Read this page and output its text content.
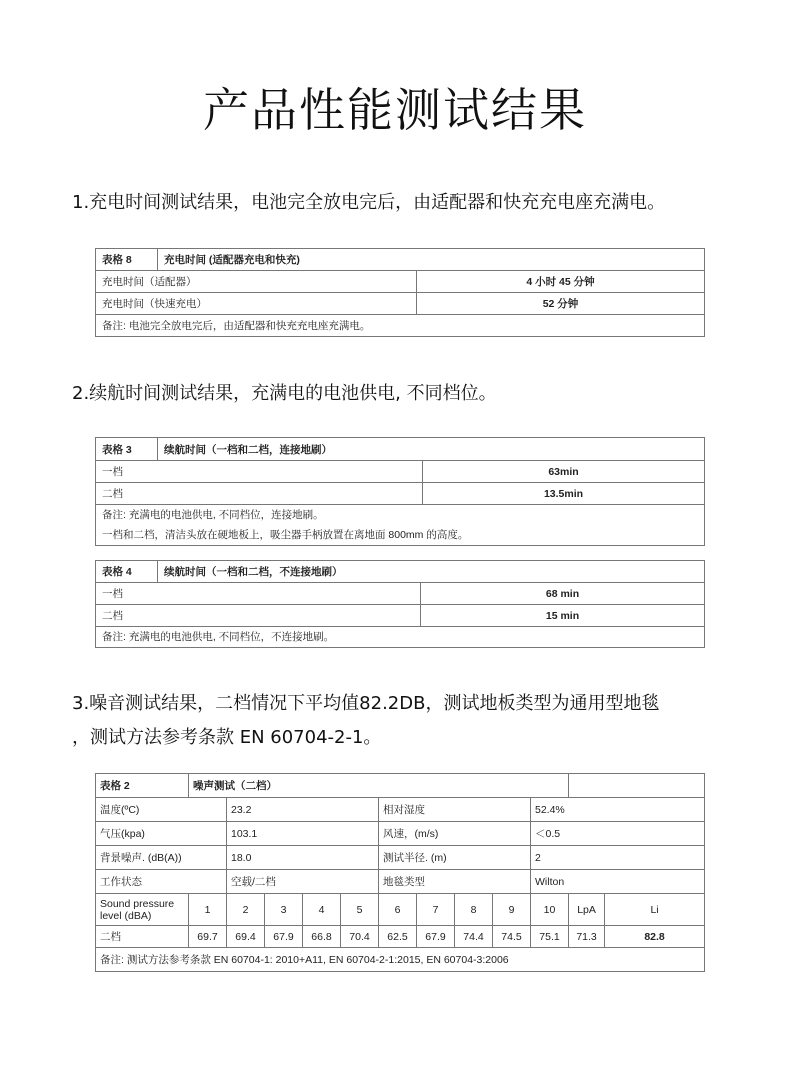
产品性能测试结果
1.充电时间测试结果，电池完全放电完后，由适配器和快充充电座充满电。
表格 8	充电时间 (适配器充电和快充)	
充电时间（适配器）		4 小时 45 分钟
充电时间（快速充电）		52 分钟
备注: 电池完全放电完后，由适配器和快充充电座充满电。		
2.续航时间测试结果，充满电的电池供电, 不同档位。
表格 3	续航时间（一档和二档，连接地刷）	
一档		63min
二档		13.5min

备注: 充满电的电池供电, 不同档位，连接地刷。
一档和二档，清洁头放在硬地板上，吸尘器手柄放置在离地面 800mm 的高度。		
表格 4	续航时间（一档和二档，不连接地刷）	
一档		68 min
二档		15 min
备注: 充满电的电池供电, 不同档位，不连接地刷。		
3.噪音测试结果，二档情况下平均值82.2DB，测试地板类型为通用型地毯
，测试方法参考条款 EN 60704-2-1。
表格 2	噪声测试（二档）											
温度(ºC)		23.2				相对湿度				52.4%		
气压(kpa)		103.1				风速，(m/s)				＜0.5		
背景噪声. (dB(A))		18.0				测试半径. (m)				2		
工作状态		空载/二档				地毯类型				Wilton		
Sound pressure level (dBA)	1	2	3	4	5	6	7	8	9	10	LpA	Li
二档	69.7	69.4	67.9	66.8	70.4	62.5	67.9	74.4	74.5	75.1	71.3	82.8
备注: 测试方法参考条款 EN 60704-1: 2010+A11, EN 60704-2-1:2015, EN 60704-3:2006												
